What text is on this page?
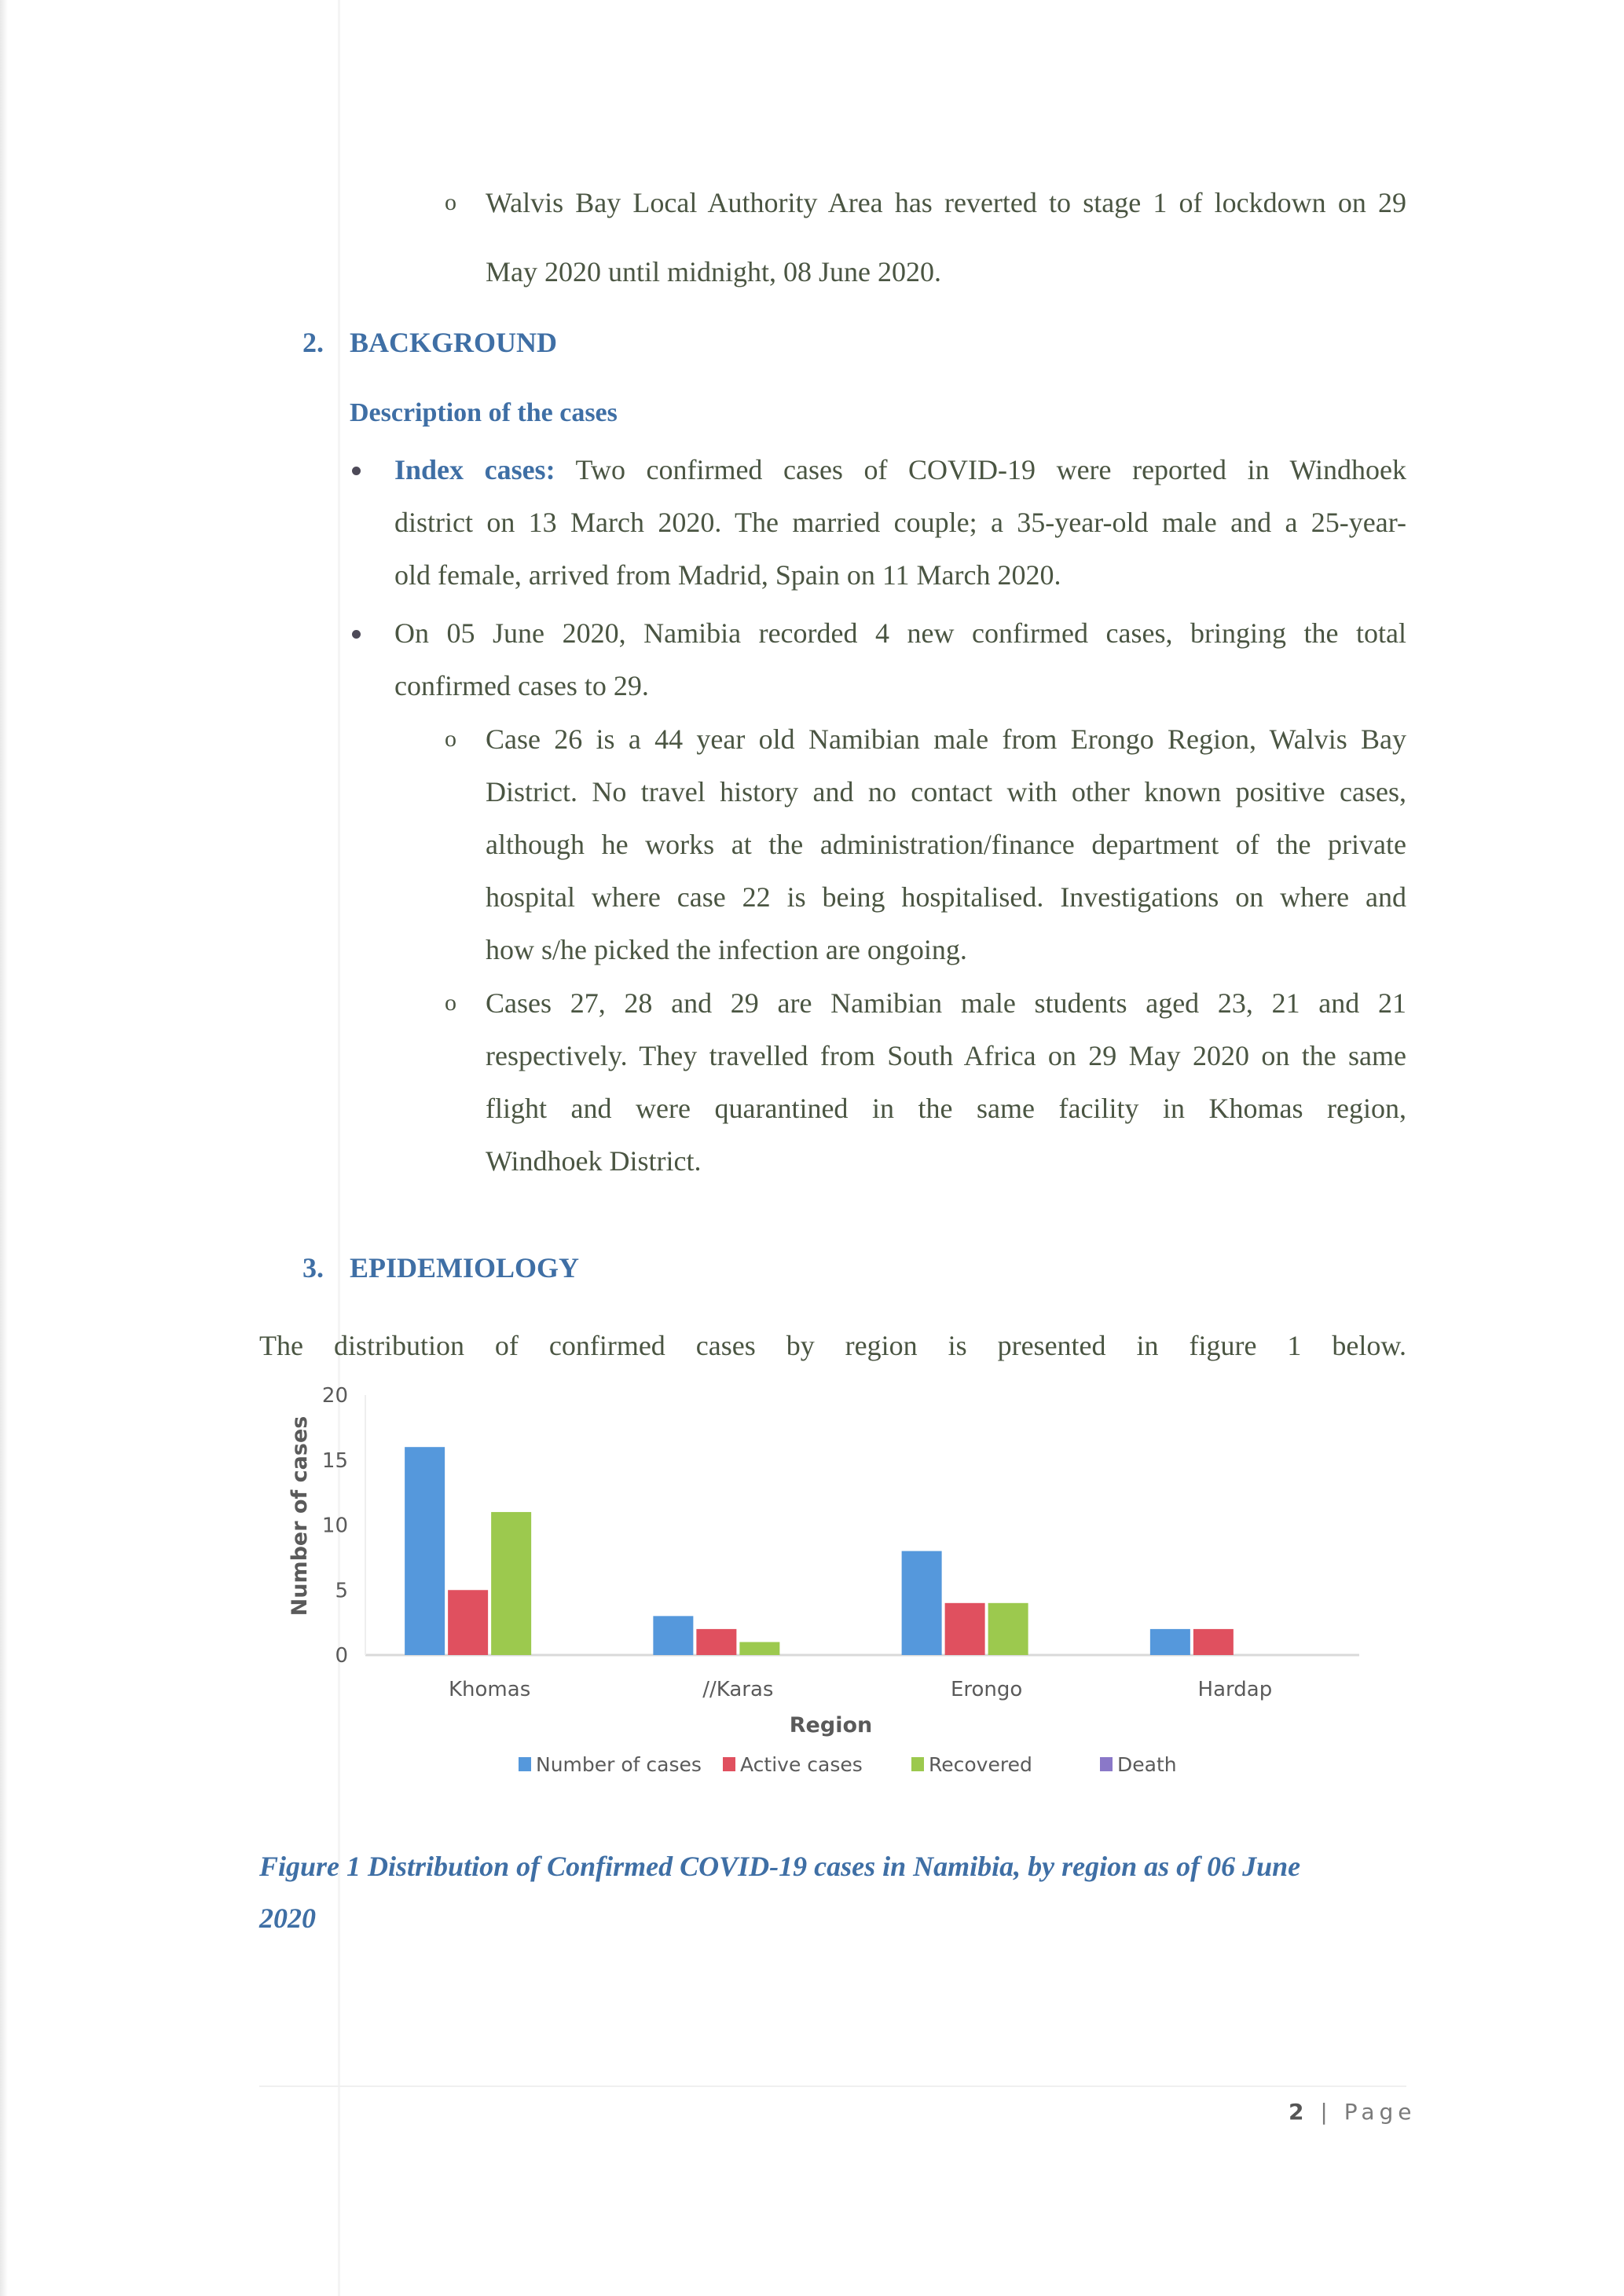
o Walvis Bay Local Authority Area has reverted to stage 1 of lockdown on 29
May 2020 until midnight, 08 June 2020.
2. BACKGROUND
Description of the cases
Index cases: Two confirmed cases of COVID-19 were reported in Windhoek
district on 13 March 2020. The married couple; a 35-year-old male and a 25-year-
old female, arrived from Madrid, Spain on 11 March 2020.
On 05 June 2020, Namibia recorded 4 new confirmed cases, bringing the total
confirmed cases to 29.
o Case 26 is a 44 year old Namibian male from Erongo Region, Walvis Bay
District. No travel history and no contact with other known positive cases,
although he works at the administration/finance department of the private
hospital where case 22 is being hospitalised. Investigations on where and
how s/he picked the infection are ongoing.
o Cases 27, 28 and 29 are Namibian male students aged 23, 21 and 21
respectively. They travelled from South Africa on 29 May 2020 on the same
flight and were quarantined in the same facility in Khomas region,
Windhoek District.
3. EPIDEMIOLOGY
The distribution of confirmed cases by region is presented in figure 1 below.
0
5
10
15
20
Number of cases
Khomas	//Karas	Erongo	Hardap
Region
Number of cases Active cases	Recovered	Death
Figure 1 Distribution of Confirmed COVID-19 cases in Namibia, by region as of 06 June
2020
2 | Page
